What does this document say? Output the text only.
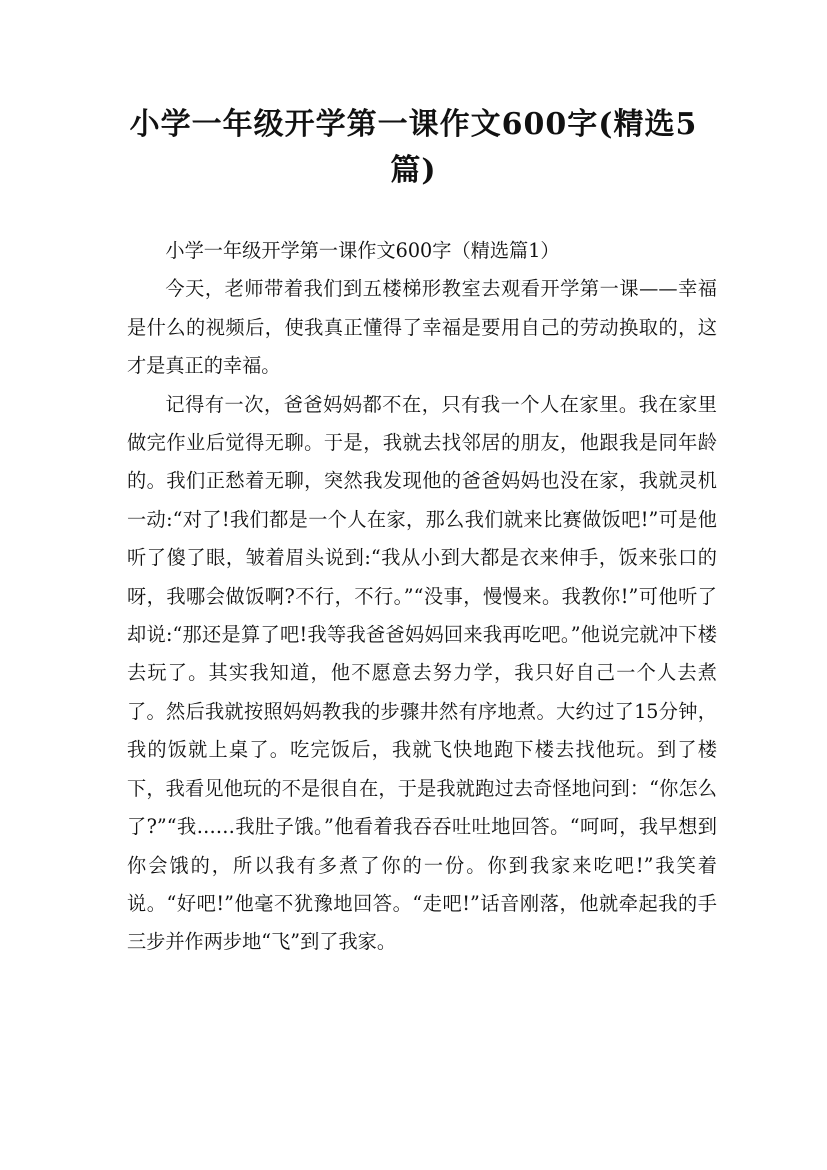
小学一年级开学第一课作文600字(精选5
篇)

小学一年级开学第一课作文600字（精选篇1）

今天，老师带着我们到五楼梯形教室去观看开学第一课——幸福是什么的视频后，使我真正懂得了幸福是要用自己的劳动换取的，这才是真正的幸福。

记得有一次，爸爸妈妈都不在，只有我一个人在家里。我在家里做完作业后觉得无聊。于是，我就去找邻居的朋友，他跟我是同年龄的。我们正愁着无聊，突然我发现他的爸爸妈妈也没在家，我就灵机一动:“对了!我们都是一个人在家，那么我们就来比赛做饭吧!”可是他听了傻了眼，皱着眉头说到:“我从小到大都是衣来伸手，饭来张口的呀，我哪会做饭啊?不行，不行。”“没事，慢慢来。我教你!”可他听了却说:“那还是算了吧!我等我爸爸妈妈回来我再吃吧。”他说完就冲下楼去玩了。其实我知道，他不愿意去努力学，我只好自己一个人去煮了。然后我就按照妈妈教我的步骤井然有序地煮。大约过了15分钟，我的饭就上桌了。吃完饭后，我就飞快地跑下楼去找他玩。到了楼下，我看见他玩的不是很自在，于是我就跑过去奇怪地问到：“你怎么了?”“我……我肚子饿。”他看着我吞吞吐吐地回答。“呵呵，我早想到你会饿的，所以我有多煮了你的一份。你到我家来吃吧!”我笑着说。“好吧!”他毫不犹豫地回答。“走吧!”话音刚落，他就牵起我的手三步并作两步地“飞”到了我家。
